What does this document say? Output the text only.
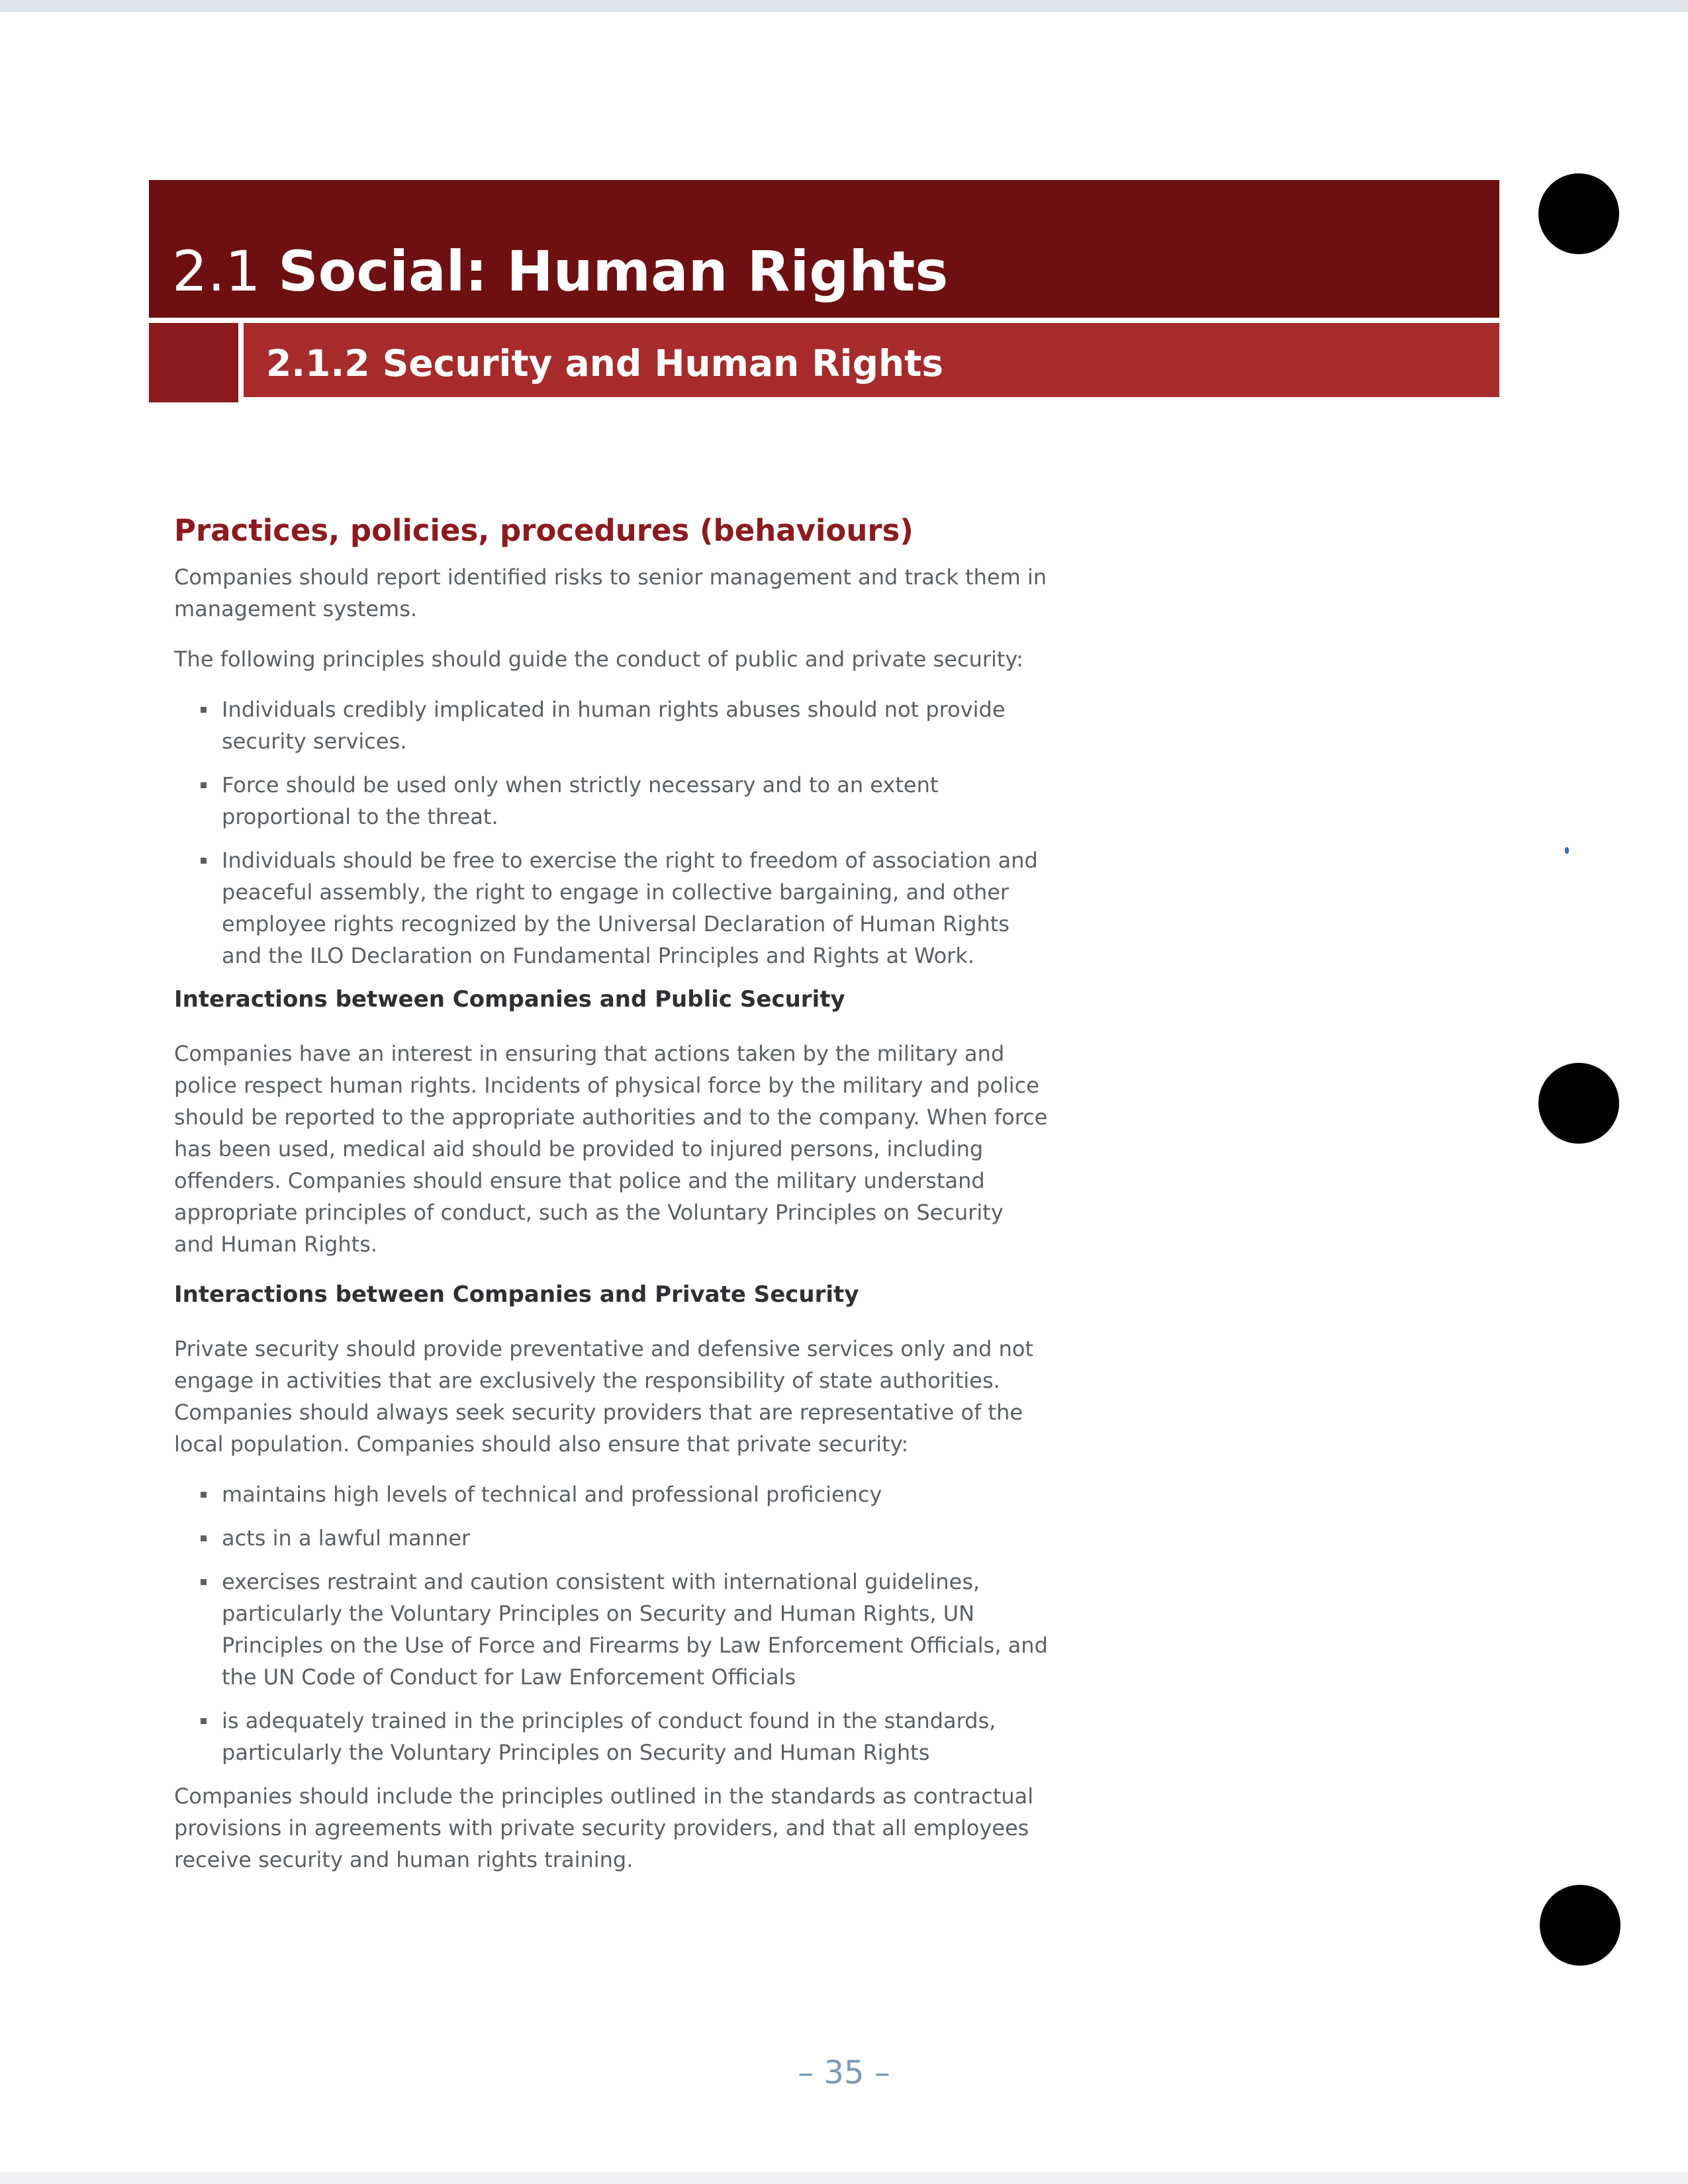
2.1 Social: Human Rights
2.1.2 Security and Human Rights
Practices, policies, procedures (behaviours)

Companies should report identified risks to senior management and track them in management systems.

The following principles should guide the conduct of public and private security:

Individuals credibly implicated in human rights abuses should not provide security services.
Force should be used only when strictly necessary and to an extent proportional to the threat.
Individuals should be free to exercise the right to freedom of association and peaceful assembly, the right to engage in collective bargaining, and other employee rights recognized by the Universal Declaration of Human Rights and the ILO Declaration on Fundamental Principles and Rights at Work.
Interactions between Companies and Public Security

Companies have an interest in ensuring that actions taken by the military and police respect human rights. Incidents of physical force by the military and police should be reported to the appropriate authorities and to the company. When force has been used, medical aid should be provided to injured persons, including offenders. Companies should ensure that police and the military understand appropriate principles of conduct, such as the Voluntary Principles on Security and Human Rights.

Interactions between Companies and Private Security

Private security should provide preventative and defensive services only and not engage in activities that are exclusively the responsibility of state authorities. Companies should always seek security providers that are representative of the local population. Companies should also ensure that private security:

maintains high levels of technical and professional proficiency
acts in a lawful manner
exercises restraint and caution consistent with international guidelines, particularly the Voluntary Principles on Security and Human Rights, UN Principles on the Use of Force and Firearms by Law Enforcement Officials, and the UN Code of Conduct for Law Enforcement Officials
is adequately trained in the principles of conduct found in the standards, particularly the Voluntary Principles on Security and Human Rights

Companies should include the principles outlined in the standards as contractual provisions in agreements with private security providers, and that all employees receive security and human rights training.

– 35 –
